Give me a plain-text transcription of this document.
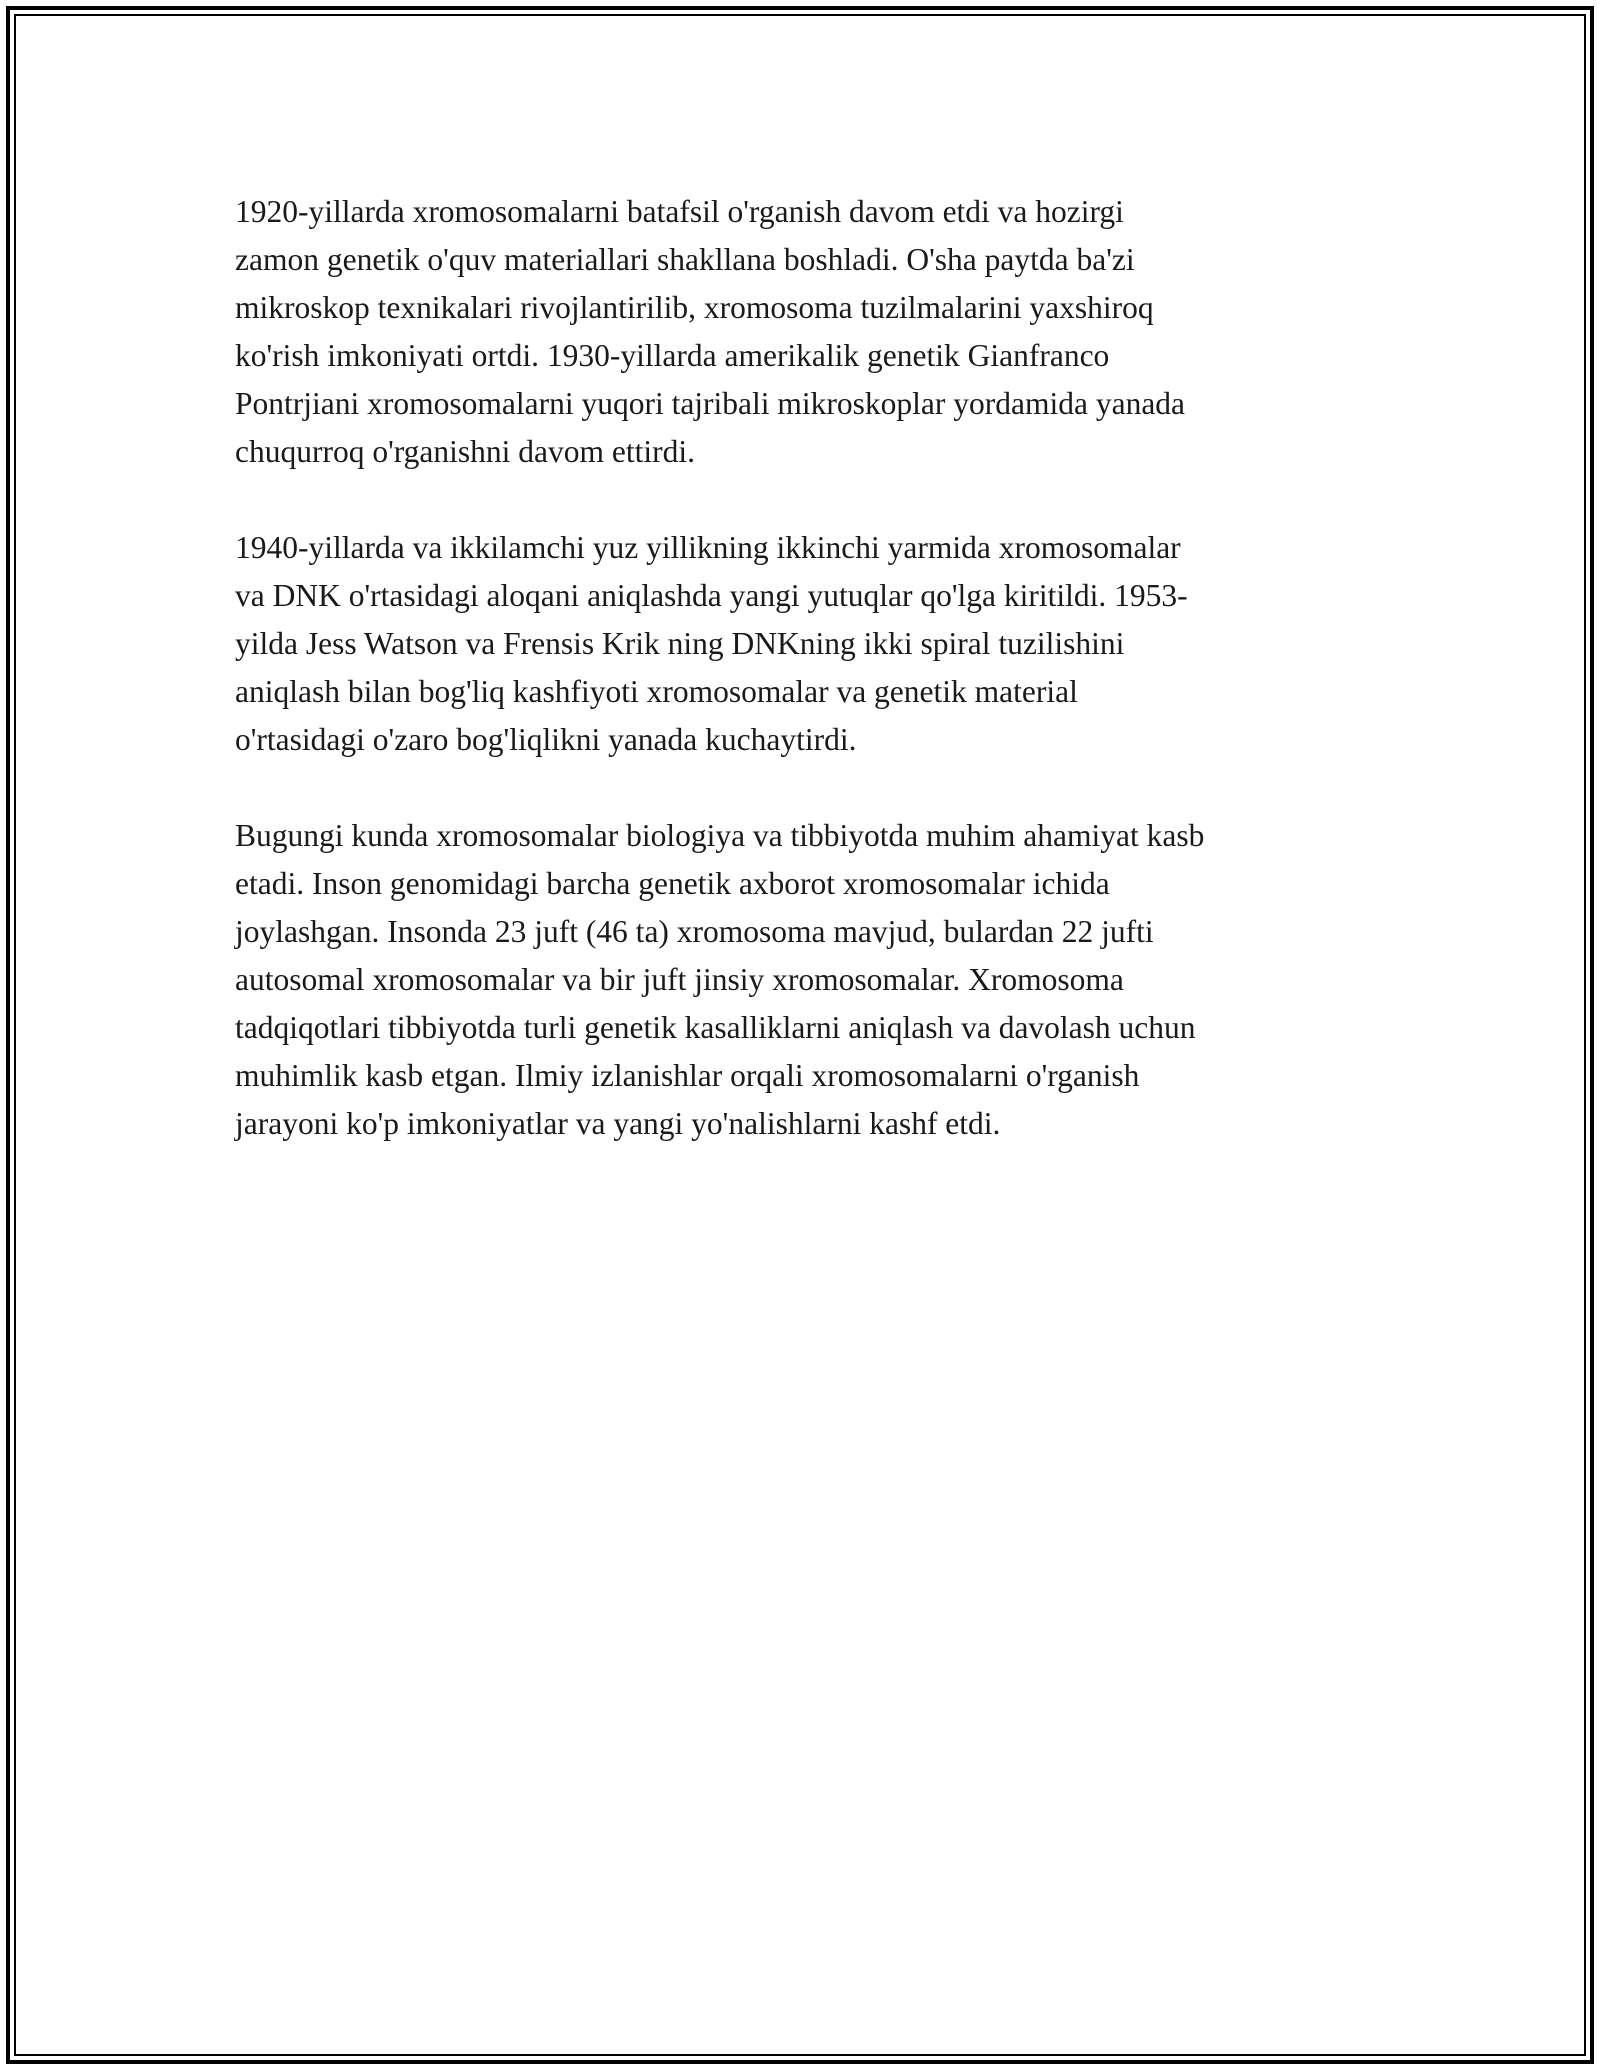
1920-yillarda xromosomalarni batafsil o'rganish davom etdi va hozirgi
zamon genetik o'quv materiallari shakllana boshladi. O'sha paytda ba'zi
mikroskop texnikalari rivojlantirilib, xromosoma tuzilmalarini yaxshiroq
ko'rish imkoniyati ortdi. 1930-yillarda amerikalik genetik Gianfranco
Pontrjiani xromosomalarni yuqori tajribali mikroskoplar yordamida yanada
chuqurroq o'rganishni davom ettirdi.

1940-yillarda va ikkilamchi yuz yillikning ikkinchi yarmida xromosomalar
va DNK o'rtasidagi aloqani aniqlashda yangi yutuqlar qo'lga kiritildi. 1953-
yilda Jess Watson va Frensis Krik ning DNKning ikki spiral tuzilishini
aniqlash bilan bog'liq kashfiyoti xromosomalar va genetik material
o'rtasidagi o'zaro bog'liqlikni yanada kuchaytirdi.

Bugungi kunda xromosomalar biologiya va tibbiyotda muhim ahamiyat kasb
etadi. Inson genomidagi barcha genetik axborot xromosomalar ichida
joylashgan. Insonda 23 juft (46 ta) xromosoma mavjud, bulardan 22 jufti
autosomal xromosomalar va bir juft jinsiy xromosomalar. Xromosoma
tadqiqotlari tibbiyotda turli genetik kasalliklarni aniqlash va davolash uchun
muhimlik kasb etgan. Ilmiy izlanishlar orqali xromosomalarni o'rganish
jarayoni ko'p imkoniyatlar va yangi yo'nalishlarni kashf etdi.
